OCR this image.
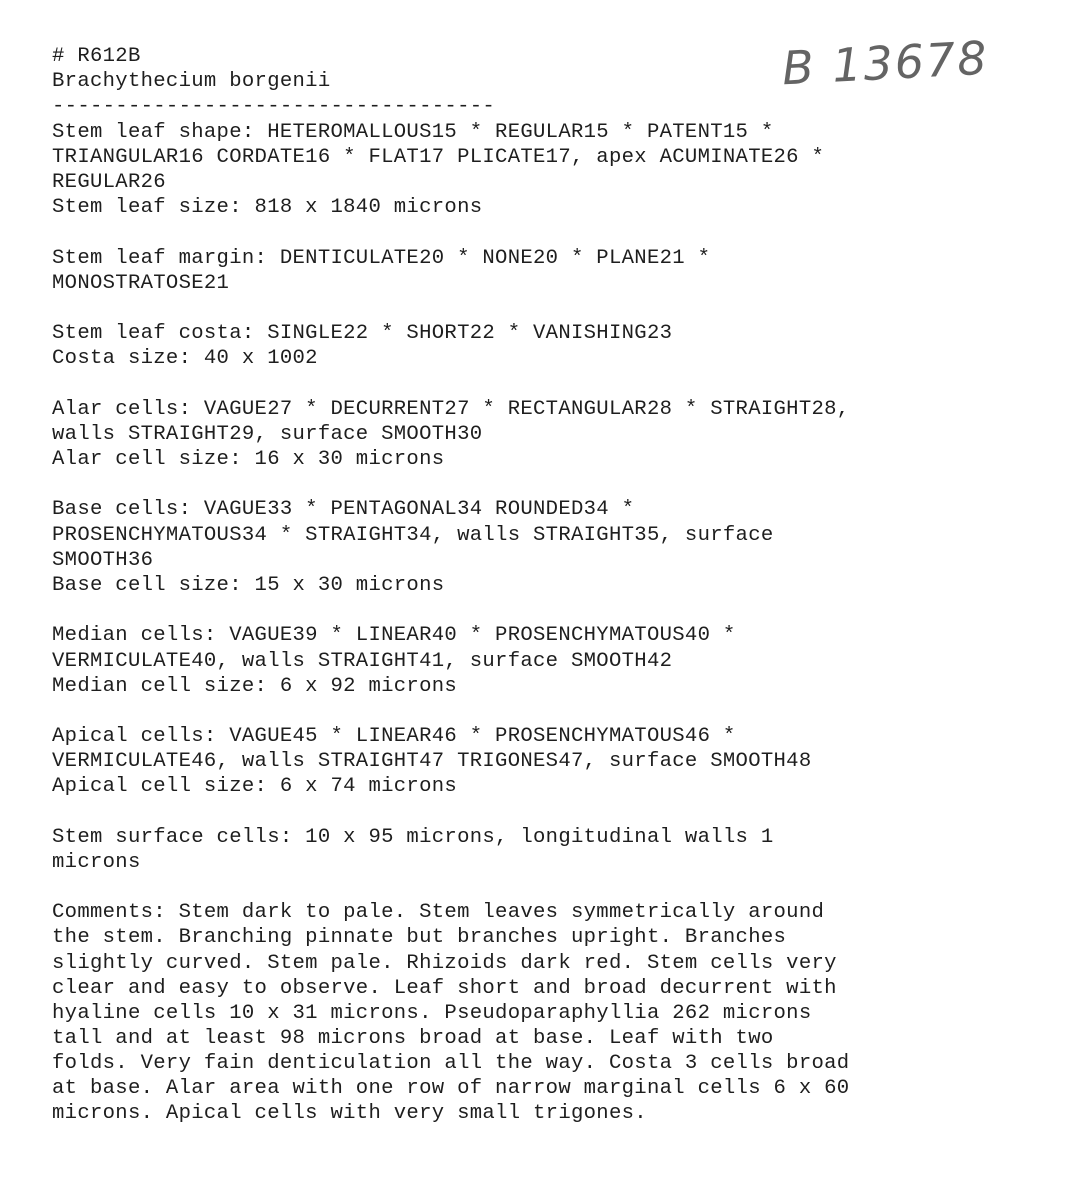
B 13678
# R612B
Brachythecium borgenii
-----------------------------------
Stem leaf shape: HETEROMALLOUS15 * REGULAR15 * PATENT15 *
TRIANGULAR16 CORDATE16 * FLAT17 PLICATE17, apex ACUMINATE26 *
REGULAR26
Stem leaf size: 818 x 1840 microns
Stem leaf margin: DENTICULATE20 * NONE20 * PLANE21 *
MONOSTRATOSE21
Stem leaf costa: SINGLE22 * SHORT22 * VANISHING23
Costa size: 40 x 1002
Alar cells: VAGUE27 * DECURRENT27 * RECTANGULAR28 * STRAIGHT28,
walls STRAIGHT29, surface SMOOTH30
Alar cell size: 16 x 30 microns
Base cells: VAGUE33 * PENTAGONAL34 ROUNDED34 *
PROSENCHYMATOUS34 * STRAIGHT34, walls STRAIGHT35, surface
SMOOTH36
Base cell size: 15 x 30 microns
Median cells: VAGUE39 * LINEAR40 * PROSENCHYMATOUS40 *
VERMICULATE40, walls STRAIGHT41, surface SMOOTH42
Median cell size: 6 x 92 microns
Apical cells: VAGUE45 * LINEAR46 * PROSENCHYMATOUS46 *
VERMICULATE46, walls STRAIGHT47 TRIGONES47, surface SMOOTH48
Apical cell size: 6 x 74 microns
Stem surface cells: 10 x 95 microns, longitudinal walls 1
microns
Comments: Stem dark to pale. Stem leaves symmetrically around
the stem. Branching pinnate but branches upright. Branches
slightly curved. Stem pale. Rhizoids dark red. Stem cells very
clear and easy to observe. Leaf short and broad decurrent with
hyaline cells 10 x 31 microns. Pseudoparaphyllia 262 microns
tall and at least 98 microns broad at base. Leaf with two
folds. Very fain denticulation all the way. Costa 3 cells broad
at base. Alar area with one row of narrow marginal cells 6 x 60
microns. Apical cells with very small trigones.
